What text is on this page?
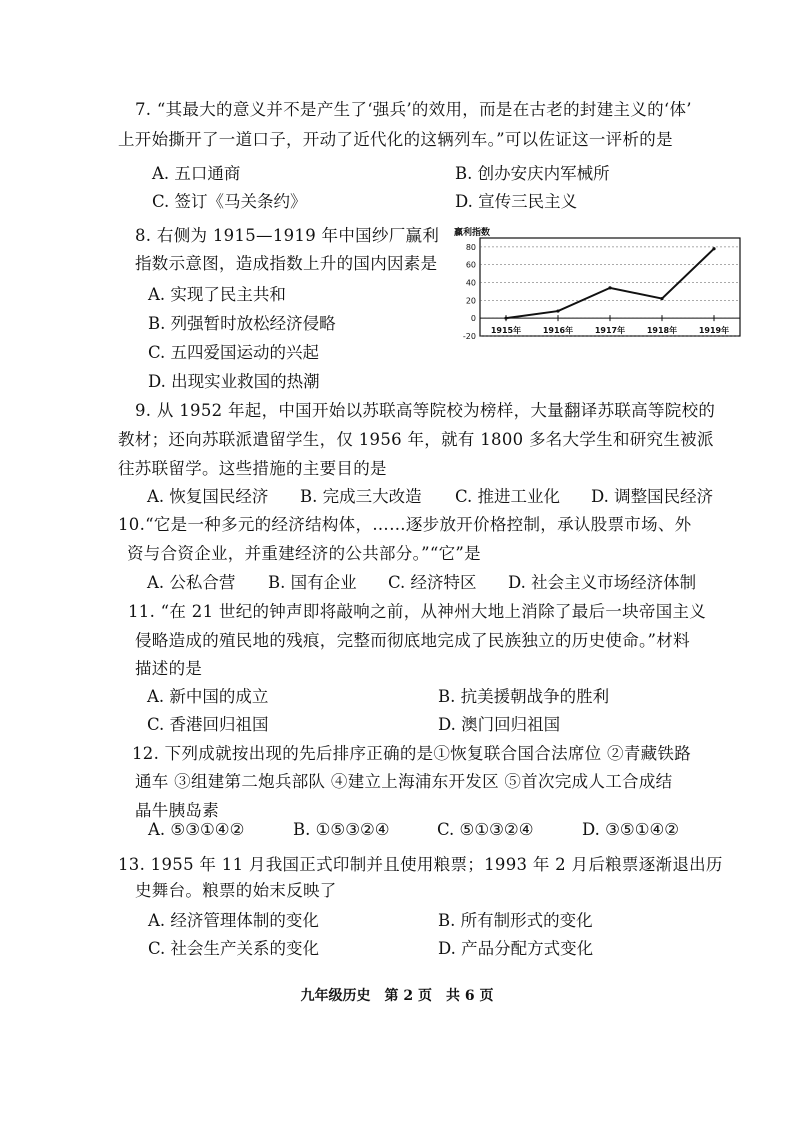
7. “其最大的意义并不是产生了‘强兵’的效用，而是在古老的封建主义的‘体’
上开始撕开了一道口子，开动了近代化的这辆列车。”可以佐证这一评析的是
A. 五口通商	B. 创办安庆内军械所
C. 签订《马关条约》	D. 宣传三民主义
8. 右侧为 1915—1919 年中国纱厂赢利
指数示意图，造成指数上升的国内因素是
A. 实现了民主共和
B. 列强暂时放松经济侵略
C. 五四爱国运动的兴起
D. 出现实业救国的热潮
赢利指数
80
60
40
20
0
-20
1915年	1916年	1917年	1918年	1919年
9. 从 1952 年起，中国开始以苏联高等院校为榜样，大量翻译苏联高等院校的
教材；还向苏联派遣留学生，仅 1956 年，就有 1800 多名大学生和研究生被派
往苏联留学。这些措施的主要目的是
A. 恢复国民经济 B. 完成三大改造 C. 推进工业化 D. 调整国民经济
10.“它是一种多元的经济结构体，……逐步放开价格控制，承认股票市场、外
资与合资企业，并重建经济的公共部分。”“它”是
A. 公私合营 B. 国有企业 C. 经济特区 D. 社会主义市场经济体制
11. “在 21 世纪的钟声即将敲响之前，从神州大地上消除了最后一块帝国主义
侵略造成的殖民地的残痕，完整而彻底地完成了民族独立的历史使命。”材料
描述的是
A. 新中国的成立	B. 抗美援朝战争的胜利
C. 香港回归祖国	D. 澳门回归祖国
12. 下列成就按出现的先后排序正确的是①恢复联合国合法席位 ②青藏铁路
通车 ③组建第二炮兵部队 ④建立上海浦东开发区 ⑤首次完成人工合成结
晶牛胰岛素
A. ⑤③①④②	B. ①⑤③②④	C. ⑤①③②④	D. ③⑤①④②
13. 1955 年 11 月我国正式印制并且使用粮票；1993 年 2 月后粮票逐渐退出历
史舞台。粮票的始末反映了
A. 经济管理体制的变化	B. 所有制形式的变化
C. 社会生产关系的变化	D. 产品分配方式变化
九年级历史　第 2 页　共 6 页
